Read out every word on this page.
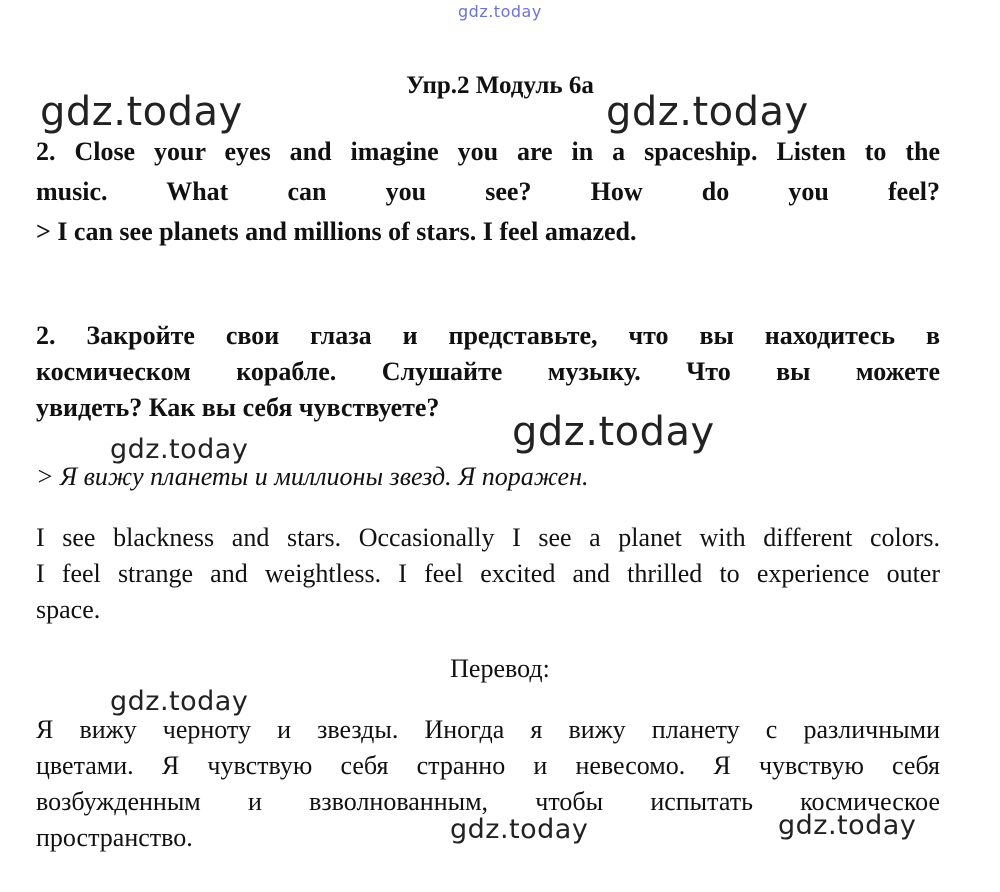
gdz.today
Упр.2 Модуль 6а
gdz.today	gdz.today
2. Close your eyes and imagine you are in a spaceship. Listen to the
music. What can you see? How do you feel?
> I can see planets and millions of stars. I feel amazed.
2. Закройте свои глаза и представьте, что вы находитесь в
космическом корабле. Слушайте музыку. Что вы можете
увидеть? Как вы себя чувствуете?
gdz.today
gdz.today
> Я вижу планеты и миллионы звезд. Я поражен.
I see blackness and stars. Occasionally I see a planet with different colors.
I feel strange and weightless. I feel excited and thrilled to experience outer
space.
Перевод:
gdz.today
Я вижу черноту и звезды. Иногда я вижу планету с различными
цветами. Я чувствую себя странно и невесомо. Я чувствую себя
возбужденным и взволнованным, чтобы испытать космическое
пространство.	gdz.today	gdz.today
